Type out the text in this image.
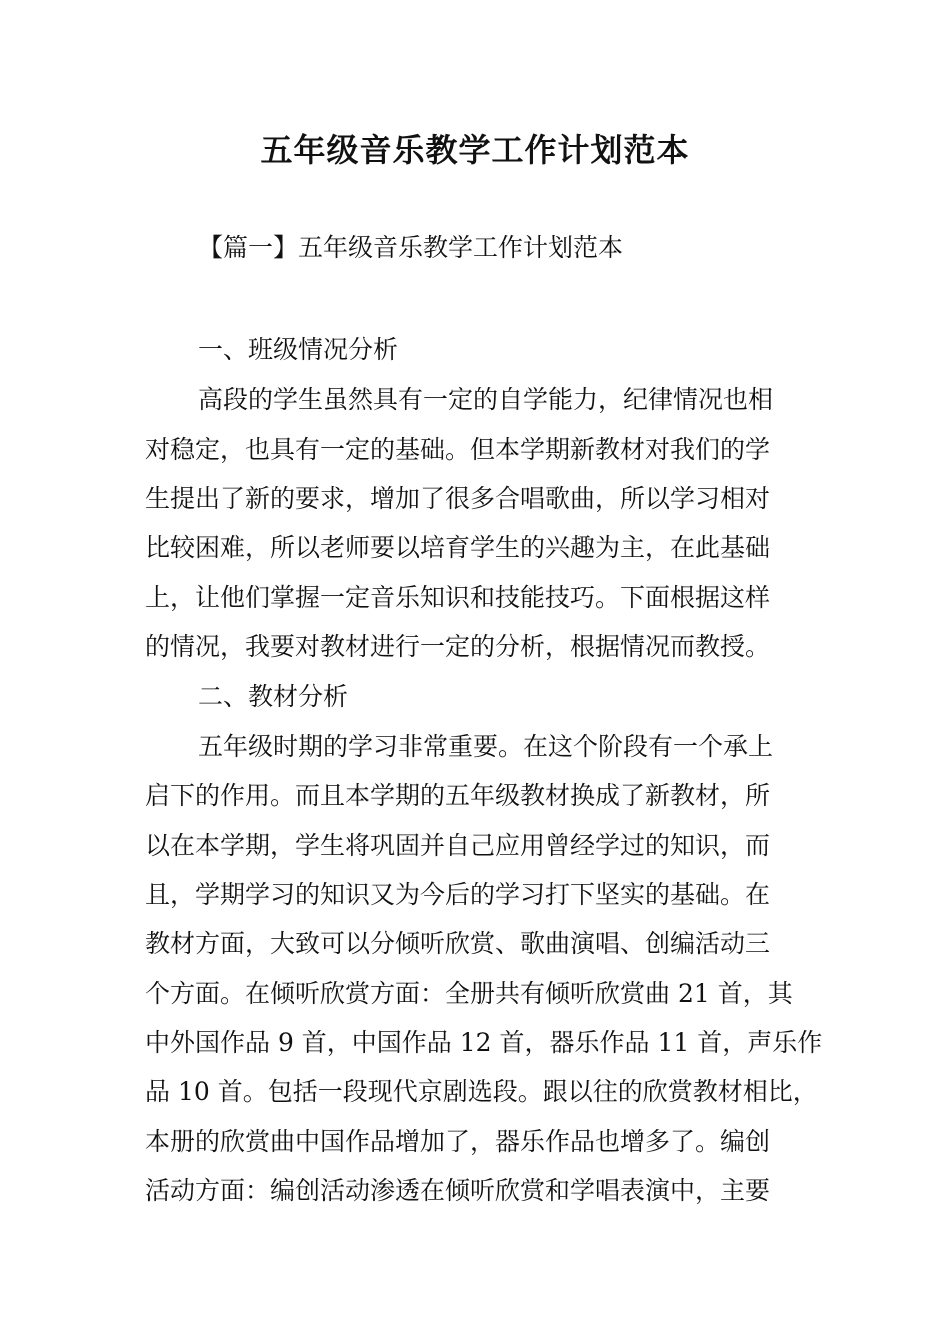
五年级音乐教学工作计划范本
【篇一】五年级音乐教学工作计划范本
一、班级情况分析
高段的学生虽然具有一定的自学能力，纪律情况也相
对稳定，也具有一定的基础。但本学期新教材对我们的学
生提出了新的要求，增加了很多合唱歌曲，所以学习相对
比较困难，所以老师要以培育学生的兴趣为主，在此基础
上，让他们掌握一定音乐知识和技能技巧。下面根据这样
的情况，我要对教材进行一定的分析，根据情况而教授。
二、教材分析
五年级时期的学习非常重要。在这个阶段有一个承上
启下的作用。而且本学期的五年级教材换成了新教材，所
以在本学期，学生将巩固并自己应用曾经学过的知识，而
且，学期学习的知识又为今后的学习打下坚实的基础。在
教材方面，大致可以分倾听欣赏、歌曲演唱、创编活动三
个方面。在倾听欣赏方面：全册共有倾听欣赏曲 21 首，其
中外国作品 9 首，中国作品 12 首，器乐作品 11 首，声乐作
品 10 首。包括一段现代京剧选段。跟以往的欣赏教材相比，
本册的欣赏曲中国作品增加了，器乐作品也增多了。编创
活动方面：编创活动渗透在倾听欣赏和学唱表演中，主要
